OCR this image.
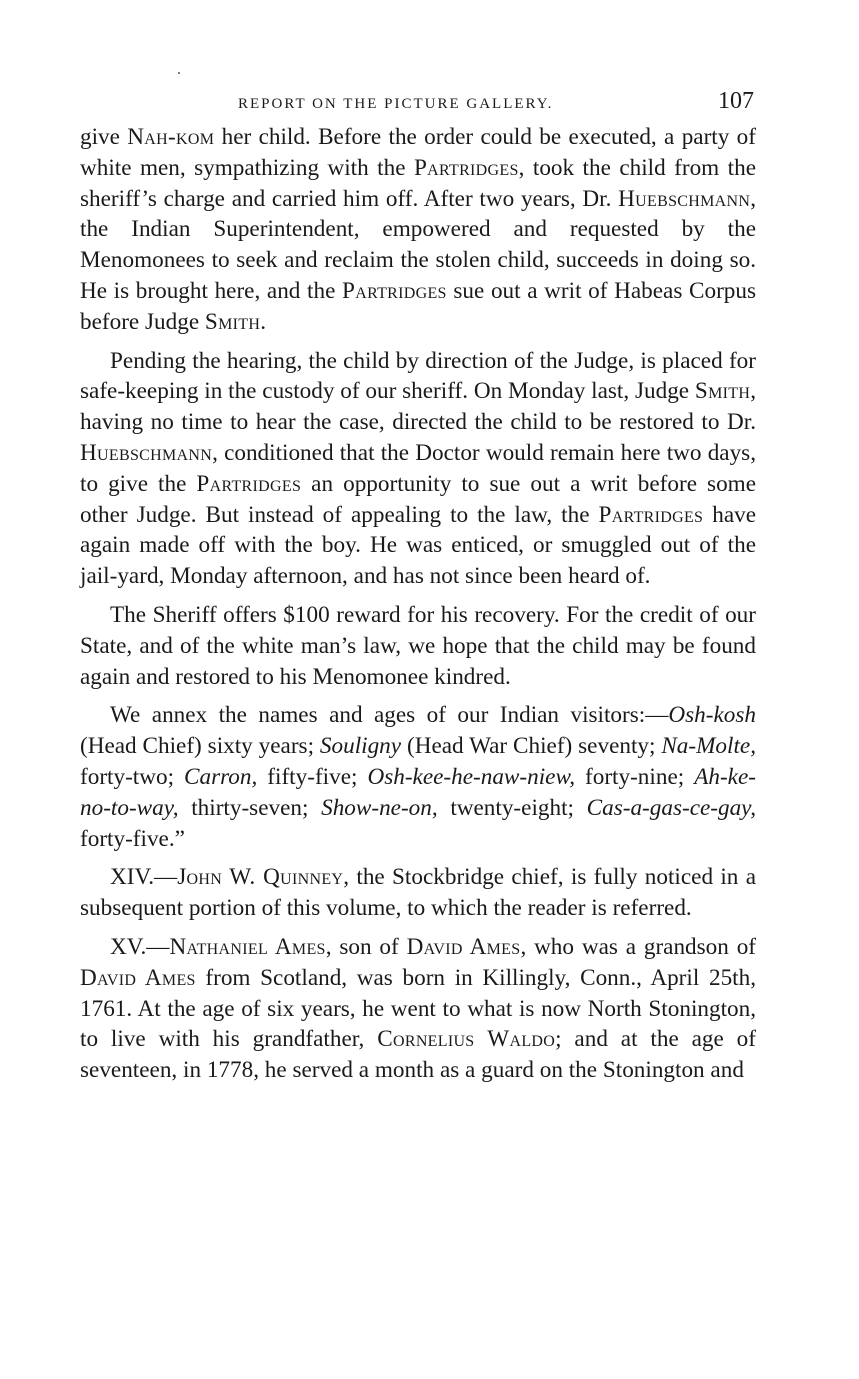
REPORT ON THE PICTURE GALLERY.	107

give Nah-kom her child. Before the order could be executed, a party of white men, sympathizing with the Partridges, took the child from the sheriff’s charge and carried him off. After two years, Dr. Huebschmann, the Indian Superintendent, empowered and requested by the Menomonees to seek and reclaim the stolen child, succeeds in doing so. He is brought here, and the Partridges sue out a writ of Habeas Corpus before Judge Smith.

Pending the hearing, the child by direction of the Judge, is placed for safe-keeping in the custody of our sheriff. On Monday last, Judge Smith, having no time to hear the case, directed the child to be restored to Dr. Huebschmann, conditioned that the Doctor would remain here two days, to give the Partridges an opportunity to sue out a writ before some other Judge. But instead of appealing to the law, the Partridges have again made off with the boy. He was enticed, or smuggled out of the jail-yard, Monday afternoon, and has not since been heard of.

The Sheriff offers $100 reward for his recovery. For the credit of our State, and of the white man’s law, we hope that the child may be found again and restored to his Menomonee kindred.

We annex the names and ages of our Indian visitors:—Osh-kosh (Head Chief) sixty years; Souligny (Head War Chief) seventy; Na-Molte, forty-two; Carron, fifty-five; Osh-kee-he-naw-niew, forty-nine; Ah-ke-no-to-way, thirty-seven; Show-ne-on, twenty-eight; Cas-a-gas-ce-gay, forty-five.”

XIV.—John W. Quinney, the Stockbridge chief, is fully noticed in a subsequent portion of this volume, to which the reader is referred.

XV.—Nathaniel Ames, son of David Ames, who was a grandson of David Ames from Scotland, was born in Killingly, Conn., April 25th, 1761. At the age of six years, he went to what is now North Stonington, to live with his grandfather, Cornelius Waldo; and at the age of seventeen, in 1778, he served a month as a guard on the Stonington and
